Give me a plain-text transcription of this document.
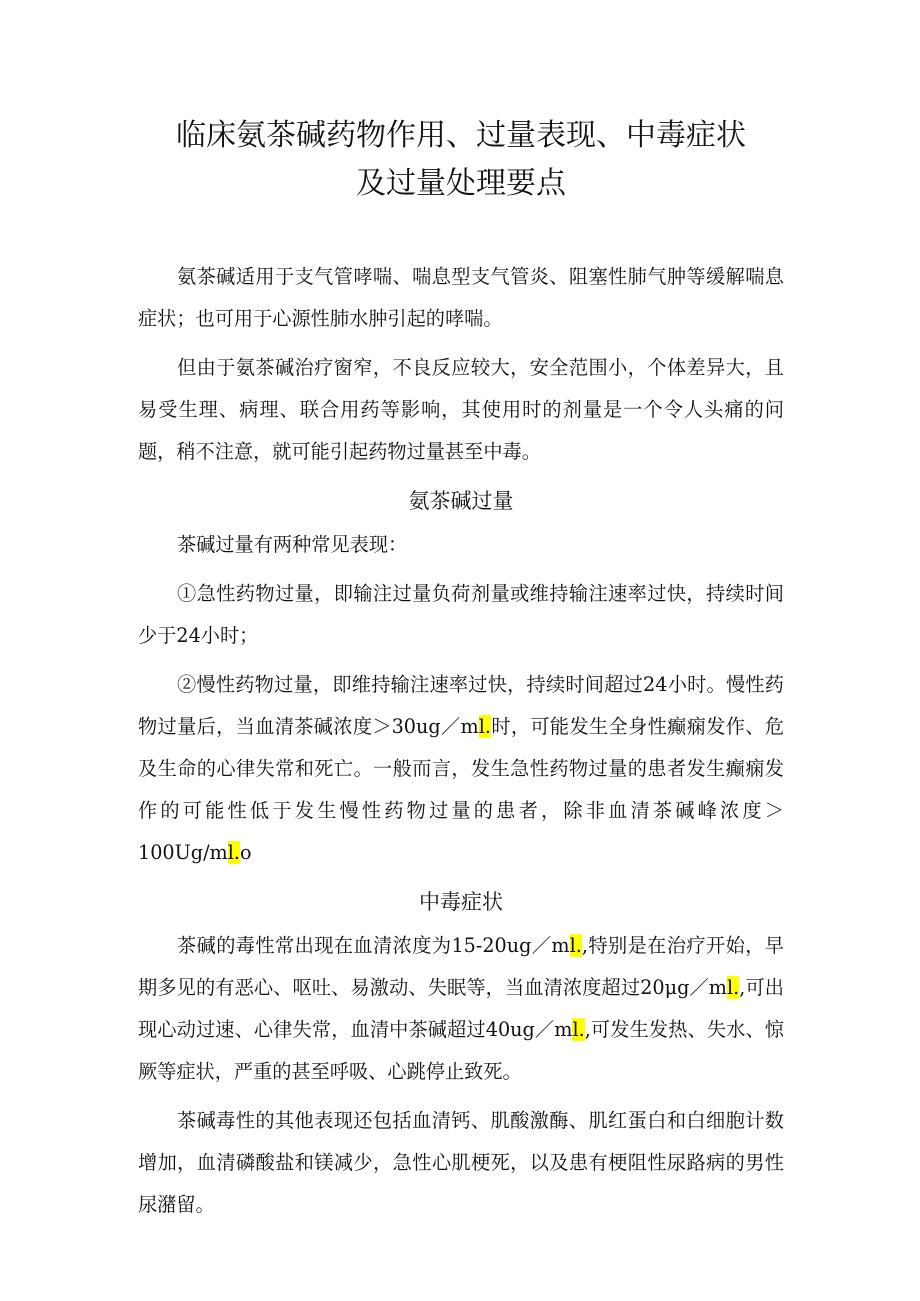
临床氨茶碱药物作用、过量表现、中毒症状
及过量处理要点

氨茶碱适用于支气管哮喘、喘息型支气管炎、阻塞性肺气肿等缓解喘息症状；也可用于心源性肺水肿引起的哮喘。

但由于氨茶碱治疗窗窄，不良反应较大，安全范围小，个体差异大，且易受生理、病理、联合用药等影响，其使用时的剂量是一个令人头痛的问题，稍不注意，就可能引起药物过量甚至中毒。

氨茶碱过量

茶碱过量有两种常见表现：

①急性药物过量，即输注过量负荷剂量或维持输注速率过快，持续时间少于24小时；

②慢性药物过量，即维持输注速率过快，持续时间超过24小时。慢性药物过量后，当血清茶碱浓度＞30ug／ml.时，可能发生全身性癫痫发作、危及生命的心律失常和死亡。一般而言，发生急性药物过量的患者发生癫痫发作的可能性低于发生慢性药物过量的患者，除非血清茶碱峰浓度＞100Ug/ml.o

中毒症状

茶碱的毒性常出现在血清浓度为15-20ug／ml.,特别是在治疗开始，早期多见的有恶心、呕吐、易激动、失眠等，当血清浓度超过20μg／ml.,可出现心动过速、心律失常，血清中茶碱超过40ug／ml.,可发生发热、失水、惊厥等症状，严重的甚至呼吸、心跳停止致死。

茶碱毒性的其他表现还包括血清钙、肌酸激酶、肌红蛋白和白细胞计数增加，血清磷酸盐和镁减少，急性心肌梗死，以及患有梗阻性尿路病的男性尿潴留。
